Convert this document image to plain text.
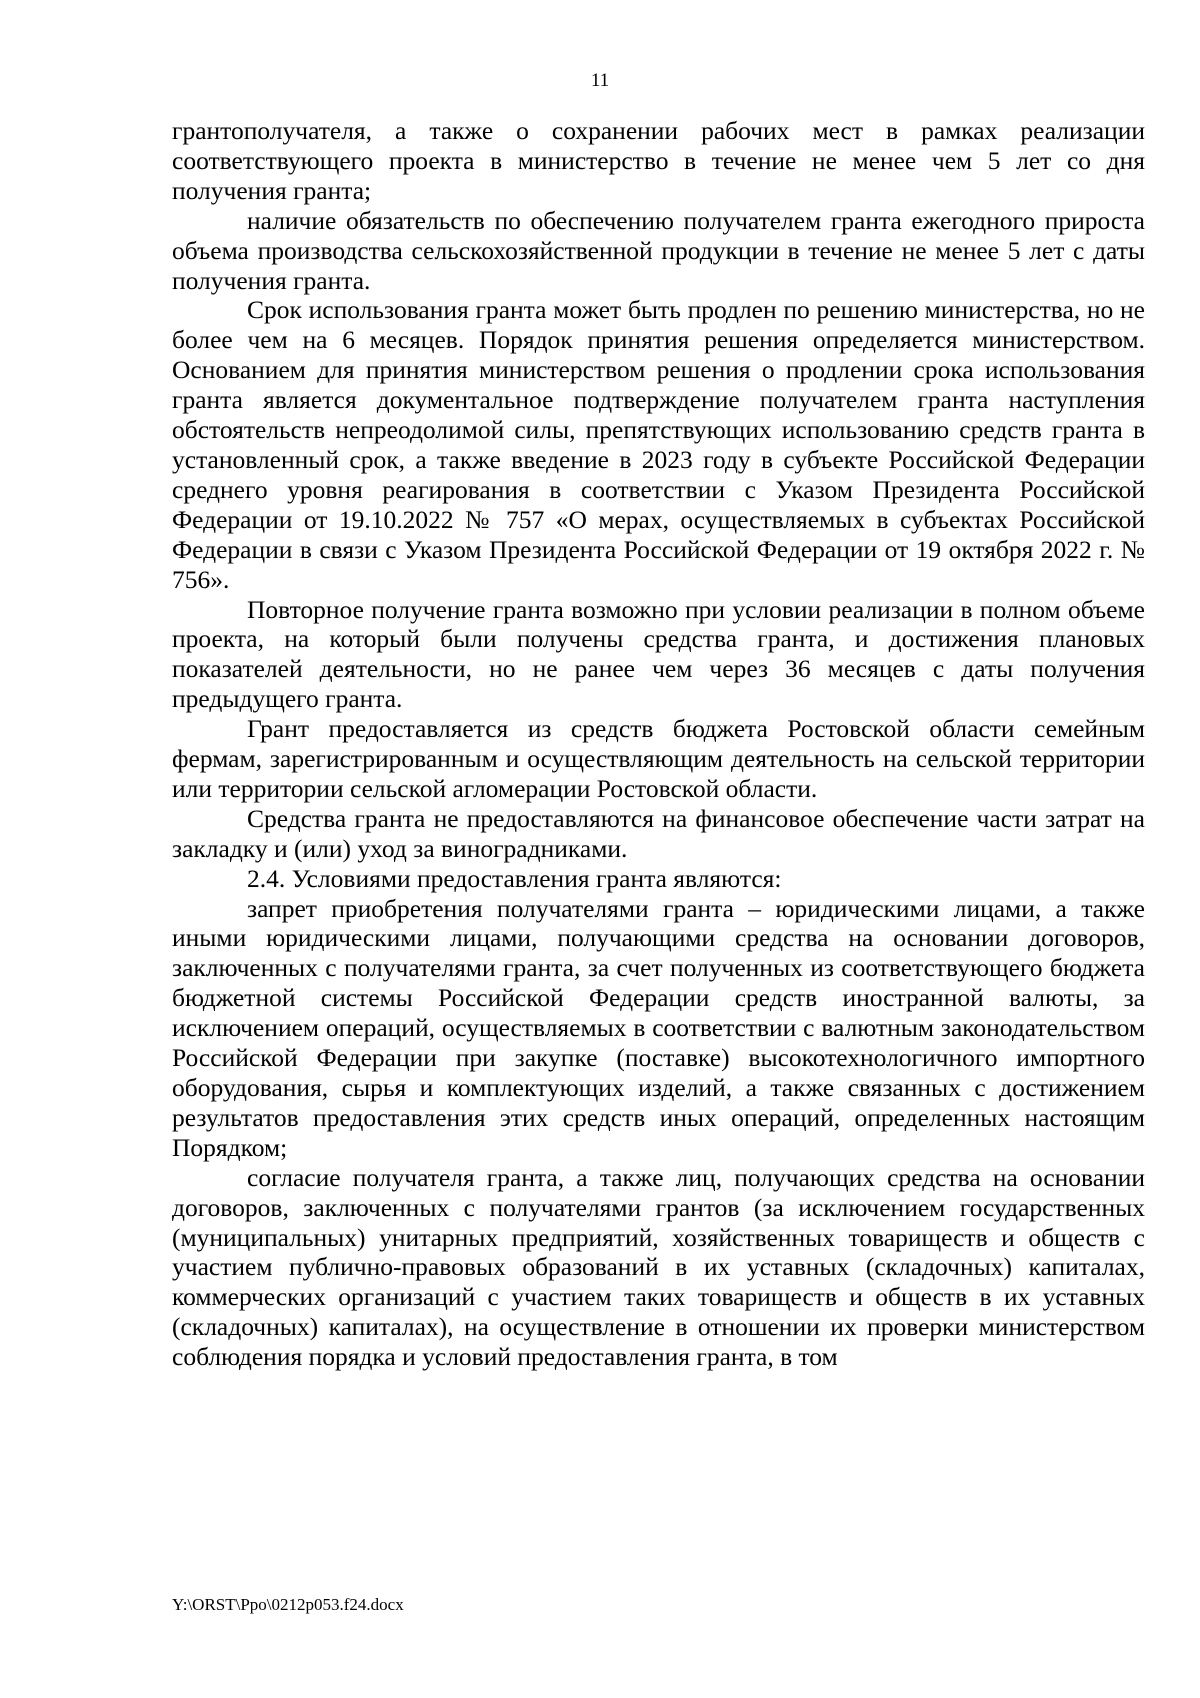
11

грантополучателя, а также о сохранении рабочих мест в рамках реализации соответствующего проекта в министерство в течение не менее чем 5 лет со дня получения гранта;

наличие обязательств по обеспечению получателем гранта ежегодного прироста объема производства сельскохозяйственной продукции в течение не менее 5 лет с даты получения гранта.

Срок использования гранта может быть продлен по решению министерства, но не более чем на 6 месяцев. Порядок принятия решения определяется министерством. Основанием для принятия министерством решения о продлении срока использования гранта является документальное подтверждение получателем гранта наступления обстоятельств непреодолимой силы, препятствующих использованию средств гранта в установленный срок, а также введение в 2023 году в субъекте Российской Федерации среднего уровня реагирования в соответствии с Указом Президента Российской Федерации от 19.10.2022 № 757 «О мерах, осуществляемых в субъектах Российской Федерации в связи с Указом Президента Российской Федерации от 19 октября 2022 г. № 756».

Повторное получение гранта возможно при условии реализации в полном объеме проекта, на который были получены средства гранта, и достижения плановых показателей деятельности, но не ранее чем через 36 месяцев с даты получения предыдущего гранта.

Грант предоставляется из средств бюджета Ростовской области семейным фермам, зарегистрированным и осуществляющим деятельность на сельской территории или территории сельской агломерации Ростовской области.

Средства гранта не предоставляются на финансовое обеспечение части затрат на закладку и (или) уход за виноградниками.

2.4. Условиями предоставления гранта являются:

запрет приобретения получателями гранта – юридическими лицами, а также иными юридическими лицами, получающими средства на основании договоров, заключенных с получателями гранта, за счет полученных из соответствующего бюджета бюджетной системы Российской Федерации средств иностранной валюты, за исключением операций, осуществляемых в соответствии с валютным законодательством Российской Федерации при закупке (поставке) высокотехнологичного импортного оборудования, сырья и комплектующих изделий, а также связанных с достижением результатов предоставления этих средств иных операций, определенных настоящим Порядком;

согласие получателя гранта, а также лиц, получающих средства на основании договоров, заключенных с получателями грантов (за исключением государственных (муниципальных) унитарных предприятий, хозяйственных товариществ и обществ с участием публично-правовых образований в их уставных (складочных) капиталах, коммерческих организаций с участием таких товариществ и обществ в их уставных (складочных) капиталах), на осуществление в отношении их проверки министерством соблюдения порядка и условий предоставления гранта, в том

Y:\ORST\Ppo\0212p053.f24.docx
